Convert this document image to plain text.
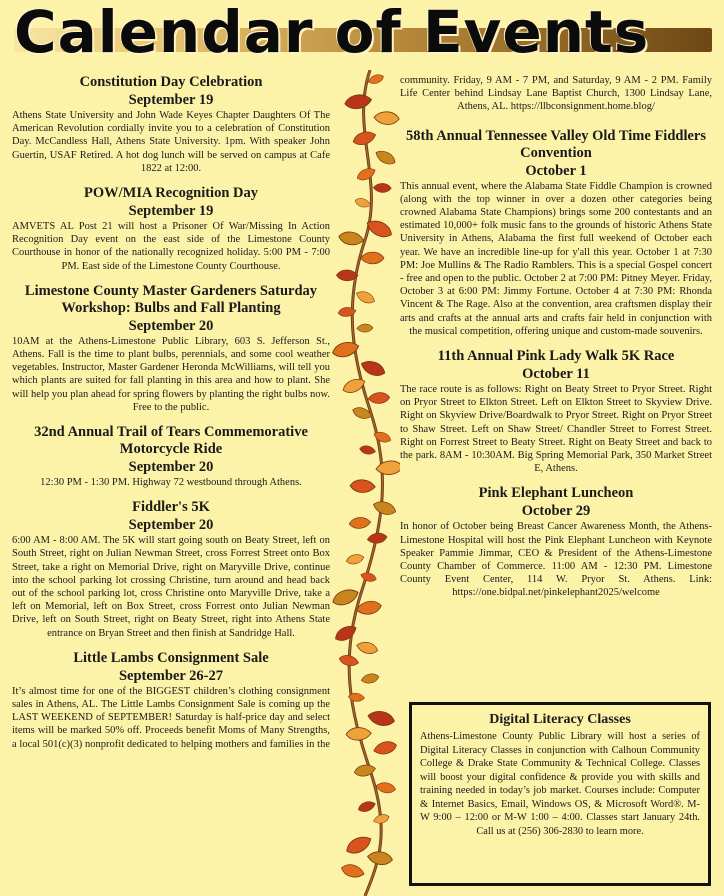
Calendar of Events
Constitution Day Celebration
September 19
Athens State University and John Wade Keyes Chapter Daughters Of The American Revolution cordially invite you to a celebration of Constitution Day. McCandless Hall, Athens State University. 1pm. With speaker John Guertin, USAF Retired. A hot dog lunch will be served on campus at Cafe 1822 at 12:00.
POW/MIA Recognition Day
September 19
AMVETS AL Post 21 will host a Prisoner Of War/Missing In Action Recognition Day event on the east side of the Limestone County Courthouse in honor of the nationally recognized holiday. 5:00 PM - 7:00 PM. East side of the Limestone County Courthouse.
Limestone County Master Gardeners Saturday Workshop: Bulbs and Fall Planting
September 20
10AM at the Athens-Limestone Public Library, 603 S. Jefferson St., Athens. Fall is the time to plant bulbs, perennials, and some cool weather vegetables. Instructor, Master Gardener Heronda McWilliams, will tell you which plants are suited for fall planting in this area and how to plant. She will help you plan ahead for spring flowers by planting the right bulbs now. Free to the public.
32nd Annual Trail of Tears Commemorative Motorcycle Ride
September 20
12:30 PM - 1:30 PM. Highway 72 westbound through Athens.
Fiddler's 5K
September 20
6:00 AM - 8:00 AM. The 5K will start going south on Beaty Street, left on South Street, right on Julian Newman Street, cross Forrest Street onto Box Street, take a right on Memorial Drive, right on Maryville Drive, continue into the school parking lot crossing Christine, turn around and head back out of the school parking lot, cross Christine onto Maryville Drive, take a left on Memorial, left on Box Street, cross Forrest onto Julian Newman Drive, left on South Street, right on Beaty Street, right into Athens State entrance on Bryan Street and then finish at Sandridge Hall.
Little Lambs Consignment Sale
September 26-27
It’s almost time for one of the BIGGEST children’s clothing consignment sales in Athens, AL. The Little Lambs Consignment Sale is coming up the LAST WEEKEND of SEPTEMBER! Saturday is half-price day and select items will be marked 50% off. Proceeds benefit Moms of Many Strengths, a local 501(c)(3) nonprofit dedicated to helping mothers and families in the
community. Friday, 9 AM - 7 PM, and Saturday, 9 AM - 2 PM. Family Life Center behind Lindsay Lane Baptist Church, 1300 Lindsay Lane, Athens, AL. https://llbconsignment.home.blog/
58th Annual Tennessee Valley Old Time Fiddlers Convention
October 1
This annual event, where the Alabama State Fiddle Champion is crowned (along with the top winner in over a dozen other categories being crowned Alabama State Champions) brings some 200 contestants and an estimated 10,000+ folk music fans to the grounds of historic Athens State University in Athens, Alabama the first full weekend of October each year. We have an incredible line-up for y'all this year. October 1 at 7:30 PM: Joe Mullins & The Radio Ramblers. This is a special Gospel concert - free and open to the public. October 2 at 7:00 PM: Pitney Meyer. Friday, October 3 at 6:00 PM: Jimmy Fortune. October 4 at 7:30 PM: Rhonda Vincent & The Rage. Also at the convention, area craftsmen display their arts and crafts at the annual arts and crafts fair held in conjunction with the musical competition, offering unique and custom-made souvenirs.
11th Annual Pink Lady Walk 5K Race
October 11
The race route is as follows: Right on Beaty Street to Pryor Street. Right on Pryor Street to Elkton Street. Left on Elkton Street to Skyview Drive. Right on Skyview Drive/Boardwalk to Pryor Street. Right on Pryor Street to Shaw Street. Left on Shaw Street/ Chandler Street to Forrest Street. Right on Forrest Street to Beaty Street. Right on Beaty Street and back to the park. 8AM - 10:30AM. Big Spring Memorial Park, 350 Market Street E, Athens.
Pink Elephant Luncheon
October 29
In honor of October being Breast Cancer Awareness Month, the Athens-Limestone Hospital will host the Pink Elephant Luncheon with Keynote Speaker Pammie Jimmar, CEO & President of the Athens-Limestone County Chamber of Commerce. 11:00 AM - 12:30 PM. Limestone County Event Center, 114 W. Pryor St. Athens. Link: https://one.bidpal.net/pinkelephant2025/welcome
Digital Literacy Classes
Athens-Limestone County Public Library will host a series of Digital Literacy Classes in conjunction with Calhoun Community College & Drake State Community & Technical College. Classes will boost your digital confidence & provide you with skills and training needed in today’s job market. Courses include: Computer & Internet Basics, Email, Windows OS, & Microsoft Word®. M-W 9:00 – 12:00 or M-W 1:00 – 4:00. Classes start January 24th. Call us at (256) 306-2830 to learn more.
